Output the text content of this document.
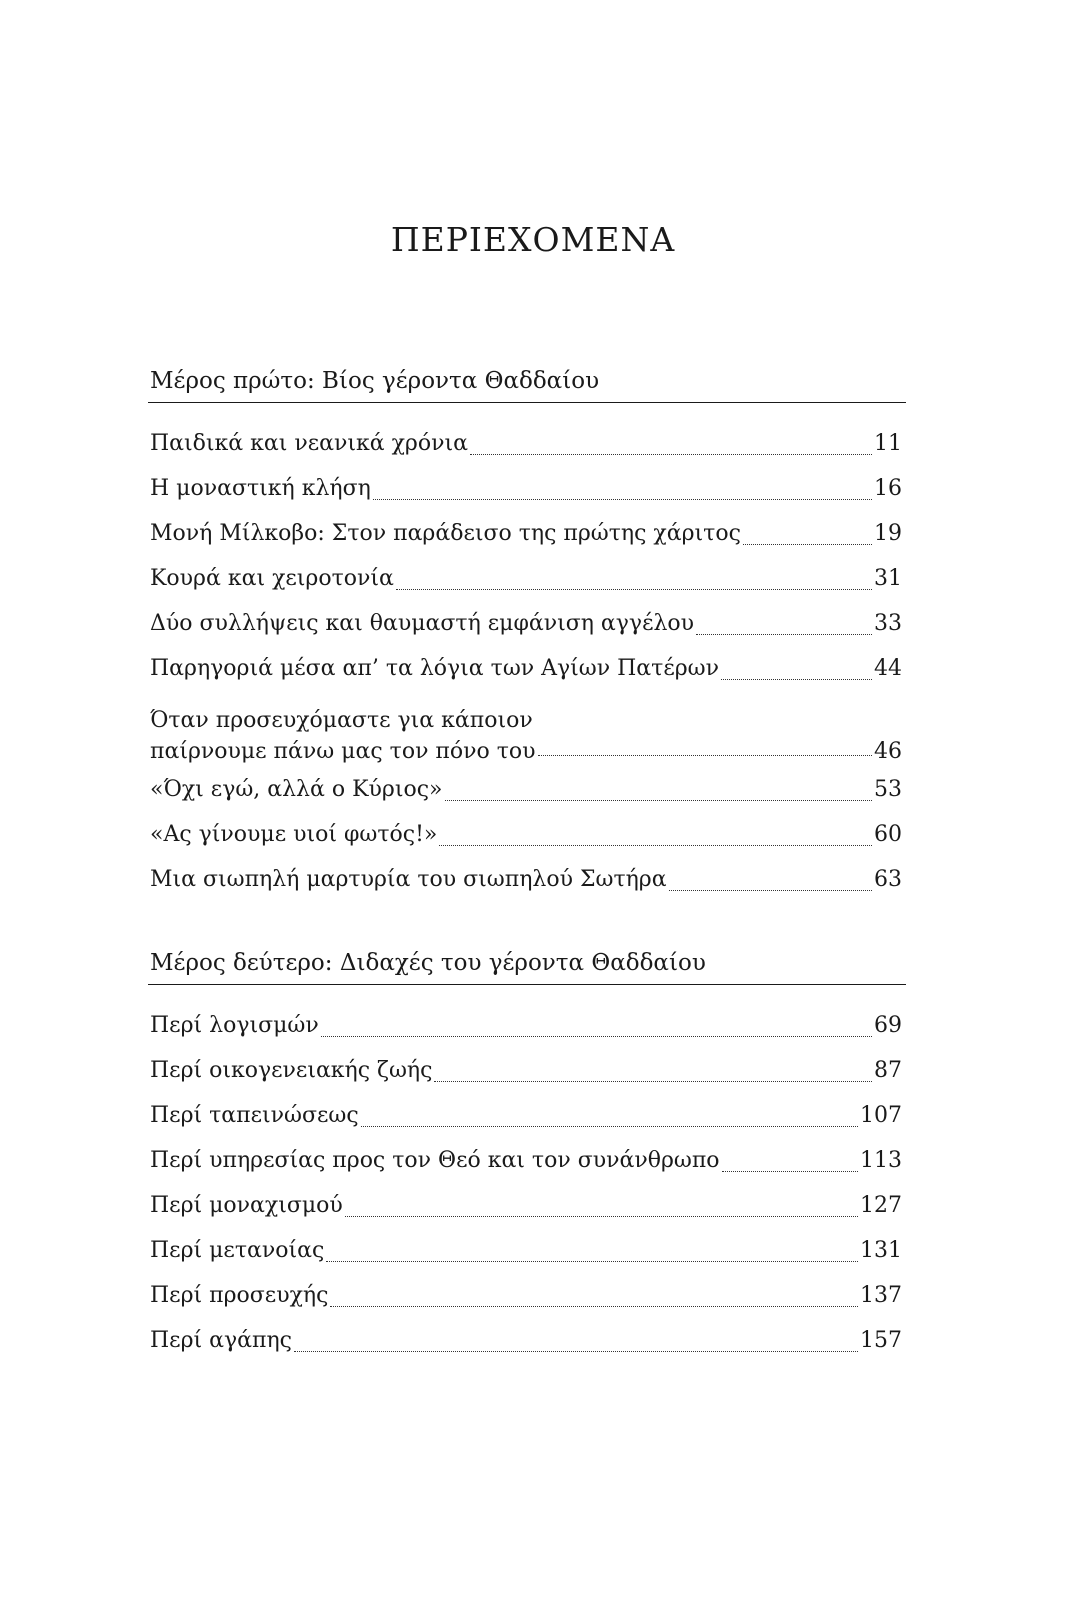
ΠΕΡΙΕΧΟΜΕΝΑ
Μέρος πρώτο: Βίος γέροντα Θαδδαίου
Παιδικά και νεανικά χρόνια	11
Η μοναστική κλήση	16
Μονή Μίλκοβο: Στον παράδεισο της πρώτης χάριτος	19
Κουρά και χειροτονία	31
Δύο συλλήψεις και θαυμαστή εμφάνιση αγγέλου	33
Παρηγοριά μέσα απ’ τα λόγια των Αγίων Πατέρων	44
Όταν προσευχόμαστε για κάποιον
παίρνουμε πάνω μας τον πόνο του	46
«Όχι εγώ, αλλά ο Κύριος»	53
«Ας γίνουμε υιοί φωτός!»	60
Μια σιωπηλή μαρτυρία του σιωπηλού Σωτήρα	63
Μέρος δεύτερο: Διδαχές του γέροντα Θαδδαίου
Περί λογισμών	69
Περί οικογενειακής ζωής	87
Περί ταπεινώσεως	107
Περί υπηρεσίας προς τον Θεό και τον συνάνθρωπο	113
Περί μοναχισμού	127
Περί μετανοίας	131
Περί προσευχής	137
Περί αγάπης	157
